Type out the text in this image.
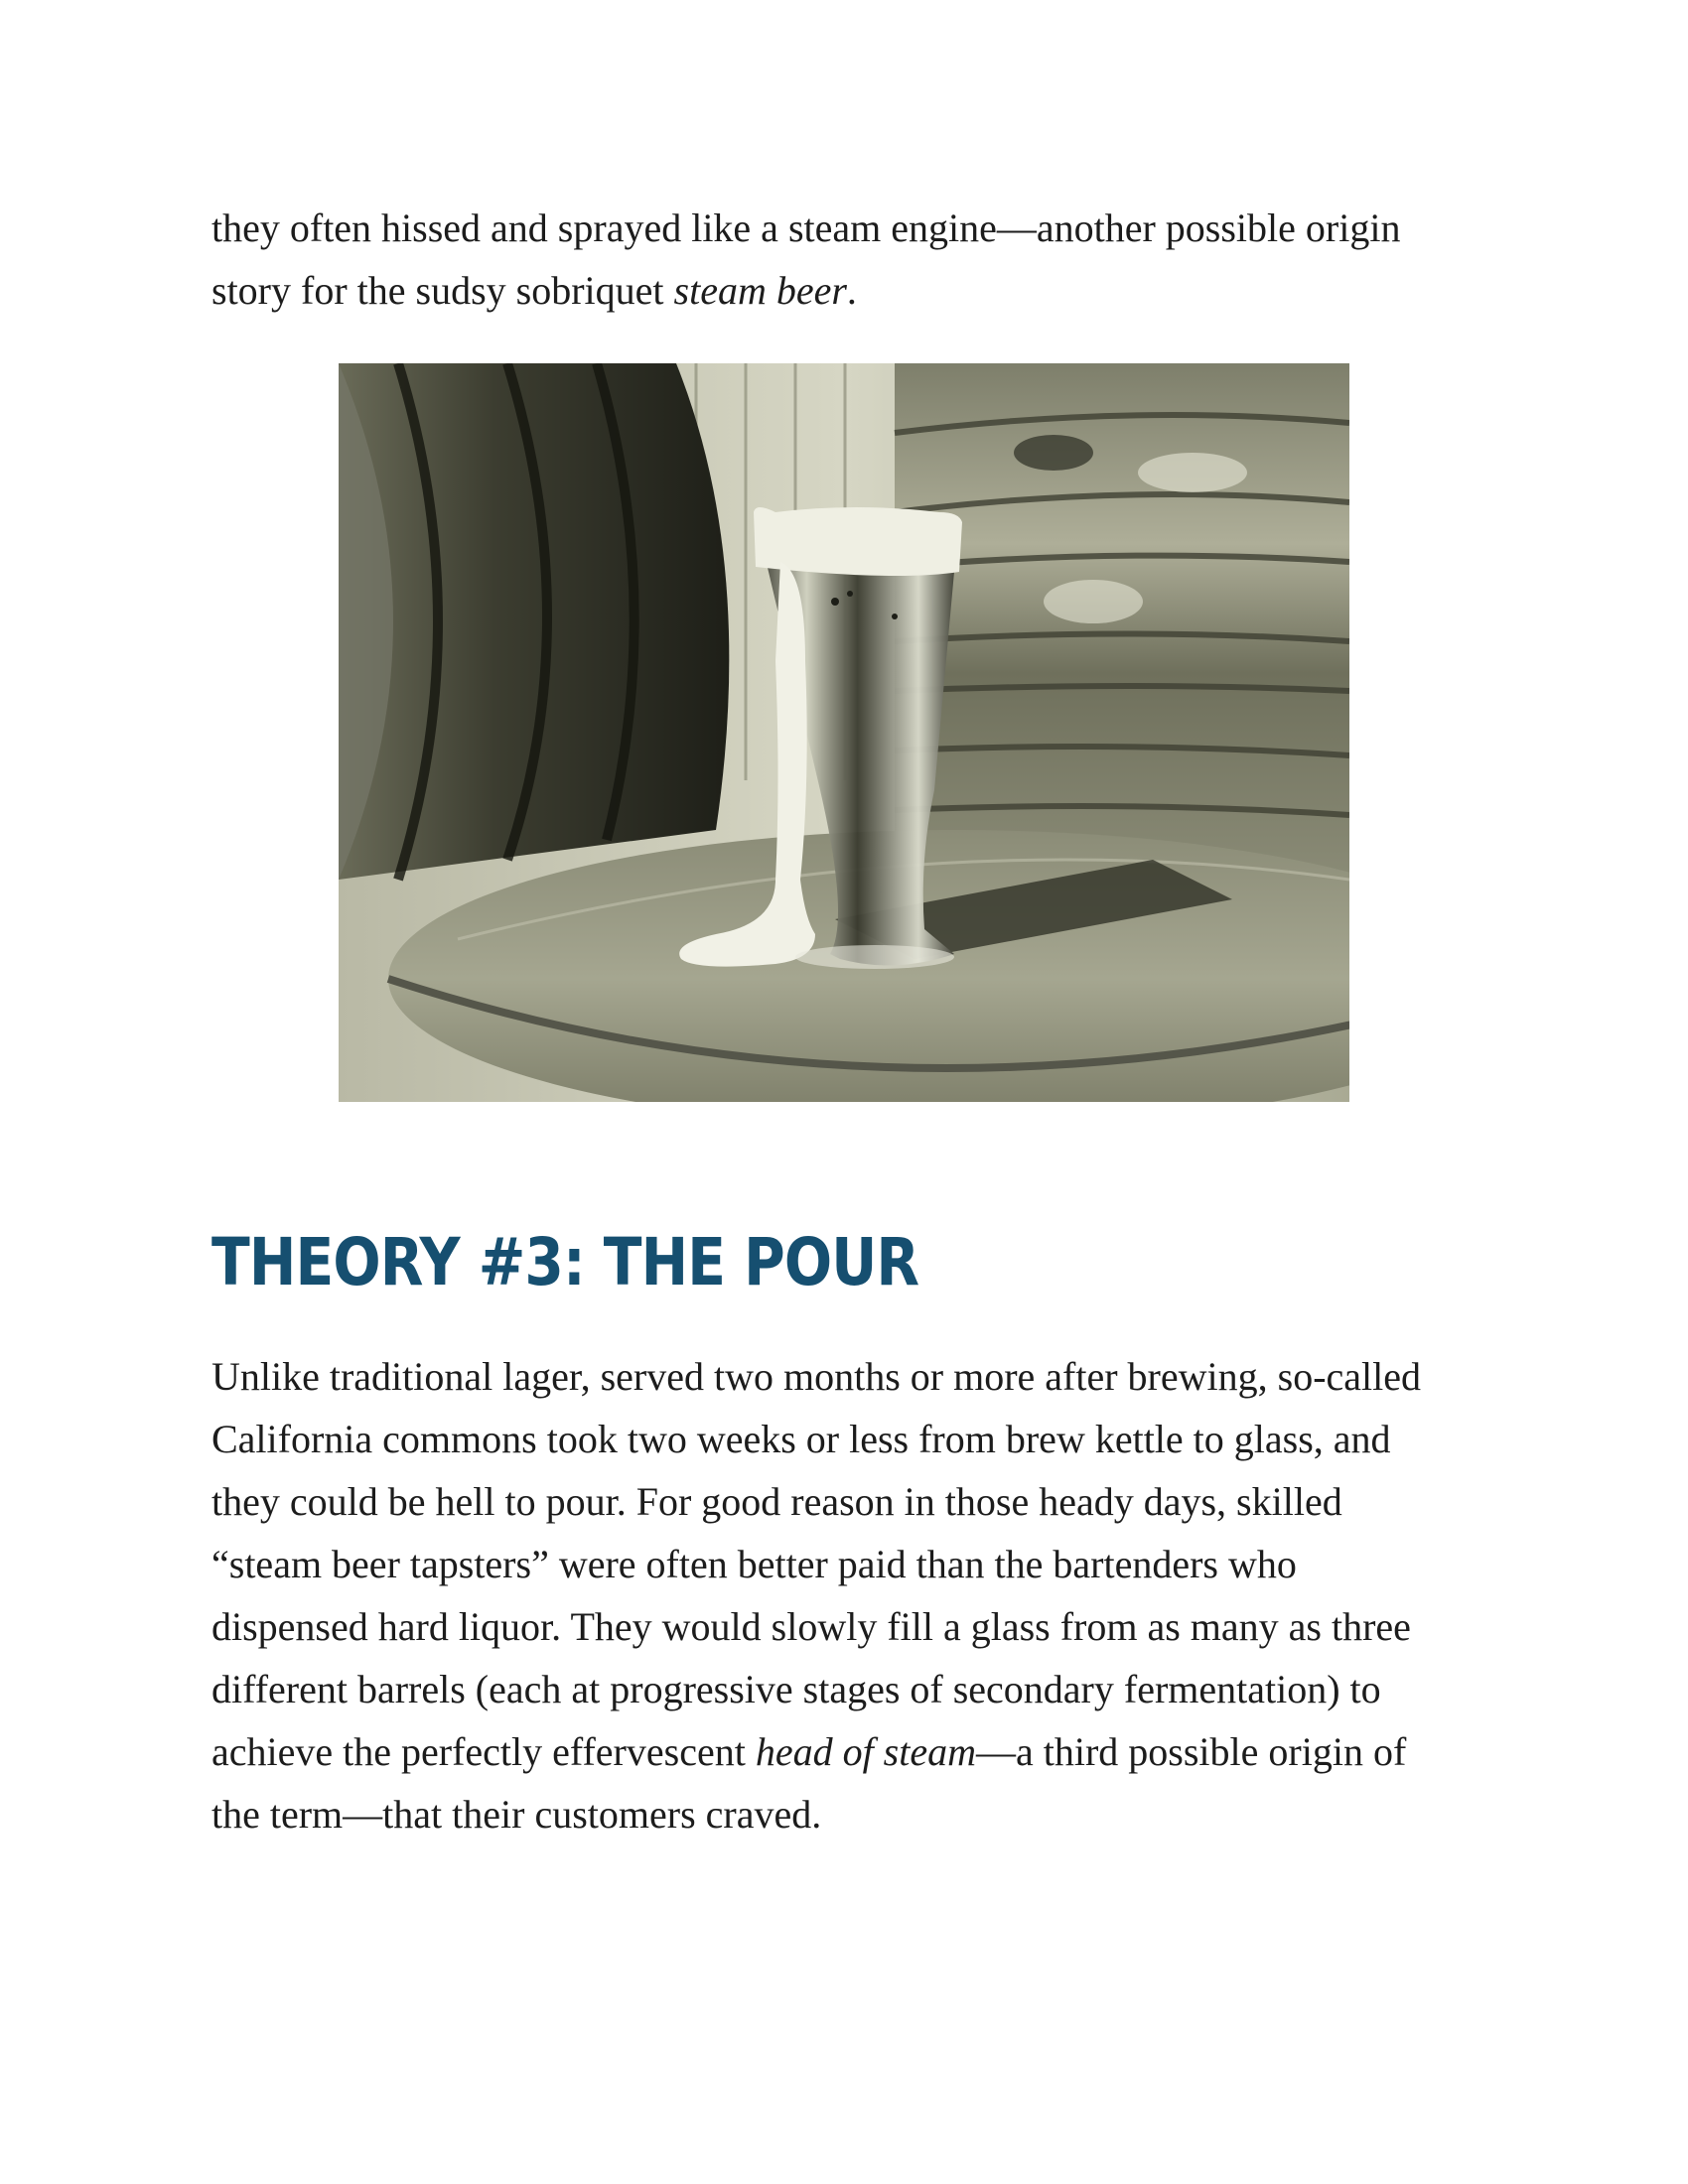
they often hissed and sprayed like a steam engine—another possible origin
story for the sudsy sobriquet steam beer.

THEORY #3: THE POUR

Unlike traditional lager, served two months or more after brewing, so-called
California commons took two weeks or less from brew kettle to glass, and
they could be hell to pour. For good reason in those heady days, skilled
“steam beer tapsters” were often better paid than the bartenders who
dispensed hard liquor. They would slowly fill a glass from as many as three
different barrels (each at progressive stages of secondary fermentation) to
achieve the perfectly effervescent head of steam—a third possible origin of
the term—that their customers craved.
